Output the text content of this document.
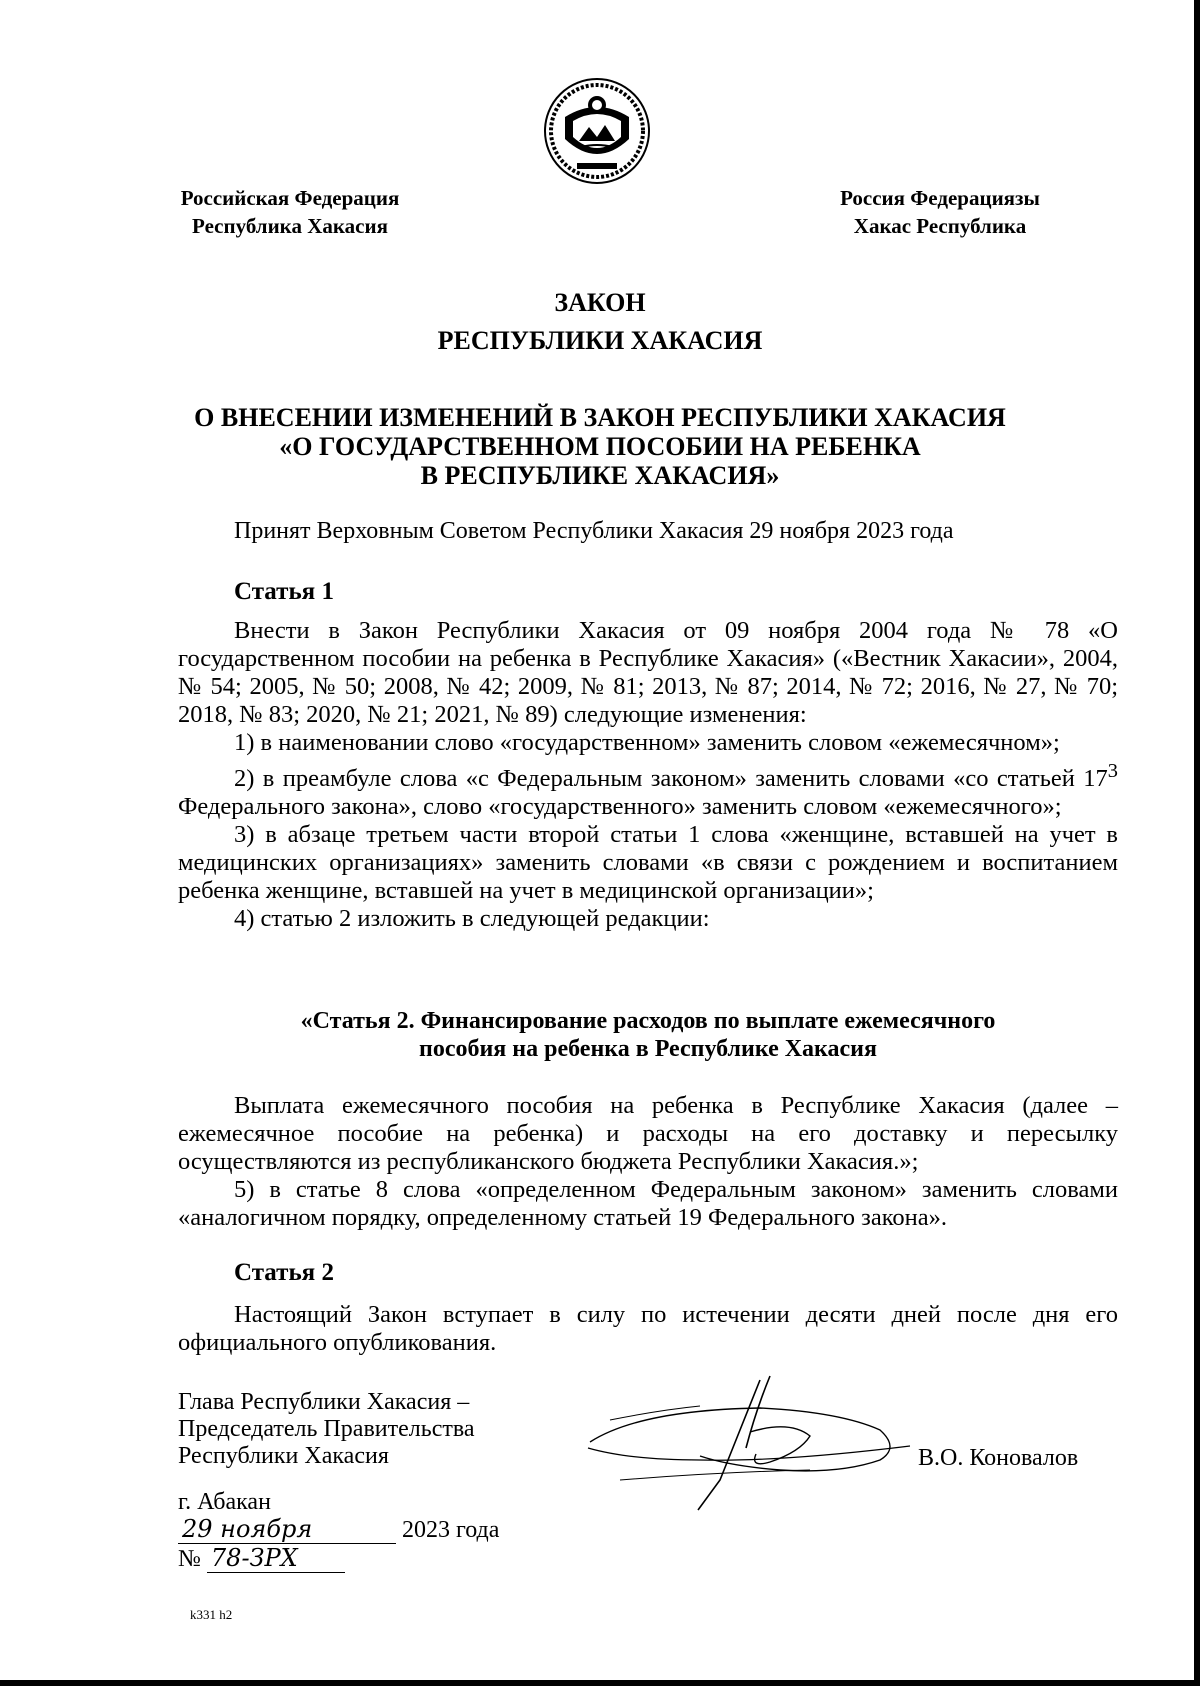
Российская Федерация
Республика Хакасия
Россия Федерациязы
Хакас Республика
ЗАКОН
РЕСПУБЛИКИ ХАКАСИЯ
О ВНЕСЕНИИ ИЗМЕНЕНИЙ В ЗАКОН РЕСПУБЛИКИ ХАКАСИЯ
«О ГОСУДАРСТВЕННОМ ПОСОБИИ НА РЕБЕНКА
В РЕСПУБЛИКЕ ХАКАСИЯ»
Принят Верховным Советом Республики Хакасия 29 ноября 2023 года
Статья 1

Внести в Закон Республики Хакасия от 09 ноября 2004 года № 78 «О государственном пособии на ребенка в Республике Хакасия» («Вестник Хакасии», 2004, № 54; 2005, № 50; 2008, № 42; 2009, № 81; 2013, № 87; 2014, № 72; 2016, № 27, № 70; 2018, № 83; 2020, № 21; 2021, № 89) следующие изменения:

1) в наименовании слово «государственном» заменить словом «ежемесячном»;

2) в преамбуле слова «с Федеральным законом» заменить словами «со статьей $17^3$ Федерального закона», слово «государственного» заменить словом «ежемесячного»;

3) в абзаце третьем части второй статьи 1 слова «женщине, вставшей на учет в медицинских организациях» заменить словами «в связи с рождением и воспитанием ребенка женщине, вставшей на учет в медицинской организации»;

4) статью 2 изложить в следующей редакции:

«Статья 2. Финансирование расходов по выплате ежемесячного
пособия на ребенка в Республике Хакасия

Выплата ежемесячного пособия на ребенка в Республике Хакасия (далее – ежемесячное пособие на ребенка) и расходы на его доставку и пересылку осуществляются из республиканского бюджета Республики Хакасия.»;

5) в статье 8 слова «определенном Федеральным законом» заменить словами «аналогичном порядку, определенному статьей 19 Федерального закона».

Статья 2

Настоящий Закон вступает в силу по истечении десяти дней после дня его официального опубликования.

Глава Республики Хакасия –
Председатель Правительства
Республики Хакасия	В.О. Коновалов
г. Абакан
29 ноября	2023 года
№ 78-ЗРХ
k331 h2
